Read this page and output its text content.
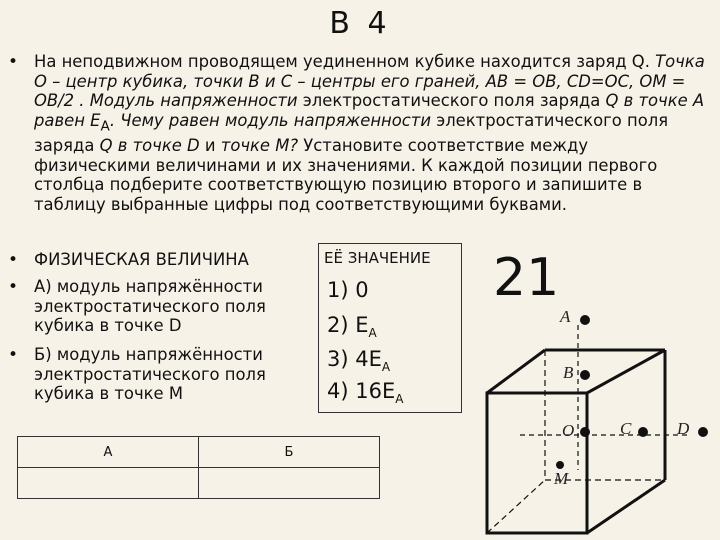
B 4
• На неподвижном проводящем уединенном кубике находится заряд Q. Точка О – центр кубика, точки В и С – центры его граней, АВ = ОВ, CD=OC, OM = OB/2 . Модуль напряженности электростатического поля заряда Q в точке А равен $E_A$. Чему равен модуль напряженности электростатического поля заряда Q в точке D и точке M? Установите соответствие между физическими величинами и их значениями. К каждой позиции первого столбца подберите соответствующую позицию второго и запишите в таблицу выбранные цифры под соответствующими буквами.
• ФИЗИЧЕСКАЯ ВЕЛИЧИНА
• А) модуль напряжённости
электростатического поля
кубика в точке D
• Б) модуль напряжённости
электростатического поля
кубика в точке M
ЕЁ ЗНАЧЕНИЕ
1) 0
2) $E_A$
3) $4E_A$
4) $16E_A$
21
А	Б

A
B
O	C	D
M
